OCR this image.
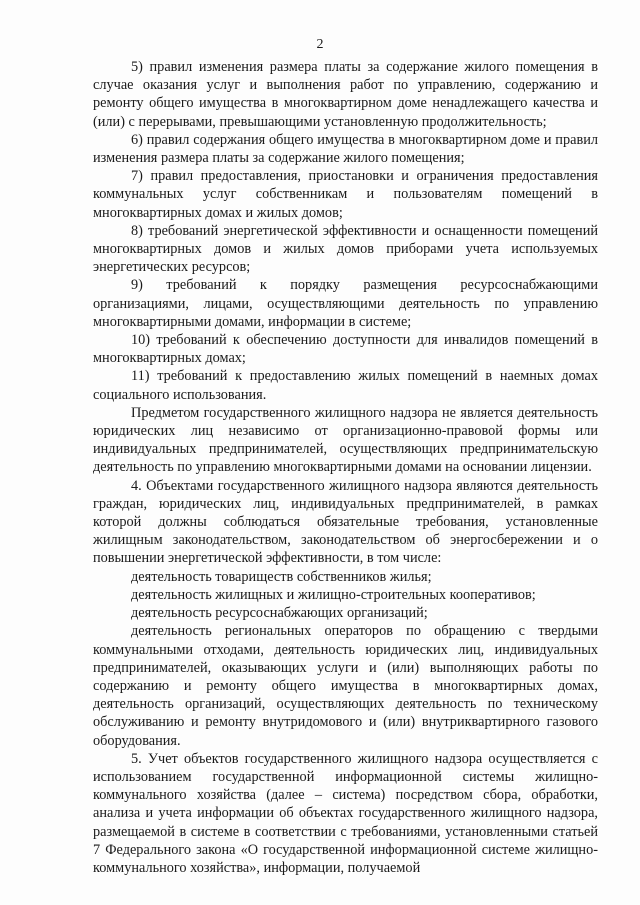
2

5) правил изменения размера платы за содержание жилого помещения в случае оказания услуг и выполнения работ по управлению, содержанию и ремонту общего имущества в многоквартирном доме ненадлежащего качества и (или) с перерывами, превышающими установленную продолжительность;

6) правил содержания общего имущества в многоквартирном доме и правил изменения размера платы за содержание жилого помещения;

7) правил предоставления, приостановки и ограничения предоставления коммунальных услуг собственникам и пользователям помещений в многоквартирных домах и жилых домов;

8) требований энергетической эффективности и оснащенности помещений многоквартирных домов и жилых домов приборами учета используемых энергетических ресурсов;

9) требований к порядку размещения ресурсоснабжающими организациями, лицами, осуществляющими деятельность по управлению многоквартирными домами, информации в системе;

10) требований к обеспечению доступности для инвалидов помещений в многоквартирных домах;

11) требований к предоставлению жилых помещений в наемных домах социального использования.

Предметом государственного жилищного надзора не является деятельность юридических лиц независимо от организационно-правовой формы или индивидуальных предпринимателей, осуществляющих предпринимательскую деятельность по управлению многоквартирными домами на основании лицензии.

4. Объектами государственного жилищного надзора являются деятельность граждан, юридических лиц, индивидуальных предпринимателей, в рамках которой должны соблюдаться обязательные требования, установленные жилищным законодательством, законодательством об энергосбережении и о повышении энергетической эффективности, в том числе:

деятельность товариществ собственников жилья;

деятельность жилищных и жилищно-строительных кооперативов;

деятельность ресурсоснабжающих организаций;

деятельность региональных операторов по обращению с твердыми коммунальными отходами, деятельность юридических лиц, индивидуальных предпринимателей, оказывающих услуги и (или) выполняющих работы по содержанию и ремонту общего имущества в многоквартирных домах, деятельность организаций, осуществляющих деятельность по техническому обслуживанию и ремонту внутридомового и (или) внутриквартирного газового оборудования.

5. Учет объектов государственного жилищного надзора осуществляется с использованием государственной информационной системы жилищно-коммунального хозяйства (далее – система) посредством сбора, обработки, анализа и учета информации об объектах государственного жилищного надзора, размещаемой в системе в соответствии с требованиями, установленными статьей 7 Федерального закона «О государственной информационной системе жилищно-коммунального хозяйства», информации, получаемой
